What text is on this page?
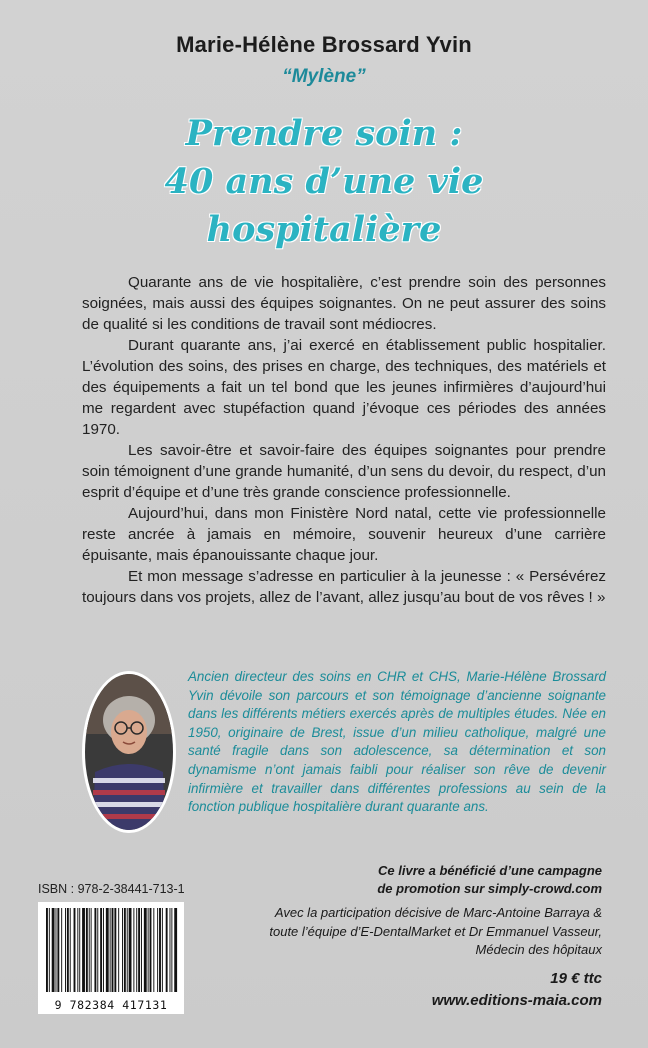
Marie-Hélène Brossard Yvin
“Mylène”
Prendre soin :
40 ans d’une vie
hospitalière

Quarante ans de vie hospitalière, c’est prendre soin des personnes soignées, mais aussi des équipes soignantes. On ne peut assurer des soins de qualité si les conditions de travail sont médiocres.

Durant quarante ans, j’ai exercé en établissement public hospitalier. L’évolution des soins, des prises en charge, des techniques, des matériels et des équipements a fait un tel bond que les jeunes infirmières d’aujourd’hui me regardent avec stupéfaction quand j’évoque ces périodes des années 1970.

Les savoir-être et savoir-faire des équipes soignantes pour prendre soin témoignent d’une grande humanité, d’un sens du devoir, du respect, d’un esprit d’équipe et d’une très grande conscience professionnelle.

Aujourd’hui, dans mon Finistère Nord natal, cette vie professionnelle reste ancrée à jamais en mémoire, souvenir heureux d’une carrière épuisante, mais épanouissante chaque jour.

Et mon message s’adresse en particulier à la jeunesse : « Persévérez toujours dans vos projets, allez de l’avant, allez jusqu’au bout de vos rêves ! »

Ancien directeur des soins en CHR et CHS, Marie-Hélène Brossard Yvin dévoile son parcours et son témoignage d’ancienne soignante dans les différents métiers exercés après de multiples études. Née en 1950, originaire de Brest, issue d’un milieu catholique, malgré une santé fragile dans son adolescence, sa détermination et son dynamisme n’ont jamais faibli pour réaliser son rêve de devenir infirmière et travailler dans différentes professions au sein de la fonction publique hospitalière durant quarante ans.
ISBN : 978-2-38441-713-1
9 782384 417131
Ce livre a bénéficié d’une campagne
de promotion sur simply-crowd.com
Avec la participation décisive de Marc-Antoine Barraya &
toute l’équipe d’E-DentalMarket et Dr Emmanuel Vasseur,
Médecin des hôpitaux
19 € ttc
www.editions-maia.com
